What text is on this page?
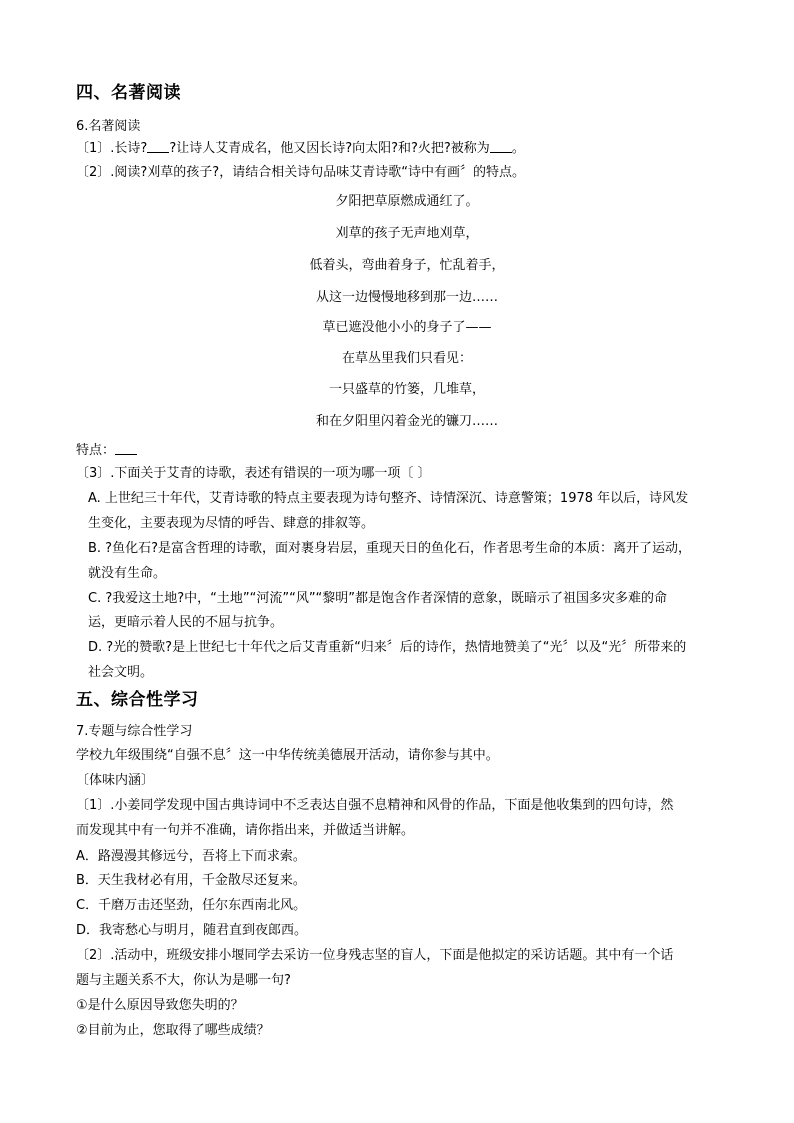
四、名著阅读
6.名著阅读
〔1〕.长诗? ?让诗人艾青成名，他又因长诗?向太阳?和?火把?被称为 。
〔2〕.阅读?刈草的孩子?，请结合相关诗句品味艾青诗歌“诗中有画〞的特点。
夕阳把草原燃成通红了。
刈草的孩子无声地刈草，
低着头，弯曲着身子，忙乱着手，
从这一边慢慢地移到那一边……
草已遮没他小小的身子了——
在草丛里我们只看见：
一只盛草的竹篓，几堆草，
和在夕阳里闪着金光的镰刀……
特点：
〔3〕.下面关于艾青的诗歌，表述有错误的一项为哪一项〔 〕
A. 上世纪三十年代，艾青诗歌的特点主要表现为诗句整齐、诗情深沉、诗意警策；1978 年以后，诗风发
生变化，主要表现为尽情的呼告、肆意的排叙等。
B. ?鱼化石?是富含哲理的诗歌，面对裹身岩层，重现天日的鱼化石，作者思考生命的本质：离开了运动，
就没有生命。
C. ?我爱这土地?中，“土地”“河流”“风”“黎明”都是饱含作者深情的意象，既暗示了祖国多灾多难的命
运，更暗示着人民的不屈与抗争。
D. ?光的赞歌?是上世纪七十年代之后艾青重新“归来〞后的诗作，热情地赞美了“光〞以及“光〞所带来的
社会文明。
五、综合性学习
7.专题与综合性学习
学校九年级围绕“自强不息〞这一中华传统美德展开活动，请你参与其中。
〔体味内涵〕
〔1〕.小姜同学发现中国古典诗词中不乏表达自强不息精神和风骨的作品，下面是他收集到的四句诗，然
而发现其中有一句并不准确，请你指出来，并做适当讲解。
A．路漫漫其修远兮，吾将上下而求索。
B．天生我材必有用，千金散尽还复来。
C．千磨万击还坚劲，任尔东西南北风。
D．我寄愁心与明月，随君直到夜郎西。
〔2〕.活动中，班级安排小堰同学去采访一位身残志坚的盲人，下面是他拟定的采访话题。其中有一个话
题与主题关系不大，你认为是哪一句?
①是什么原因导致您失明的？
②目前为止，您取得了哪些成绩？
